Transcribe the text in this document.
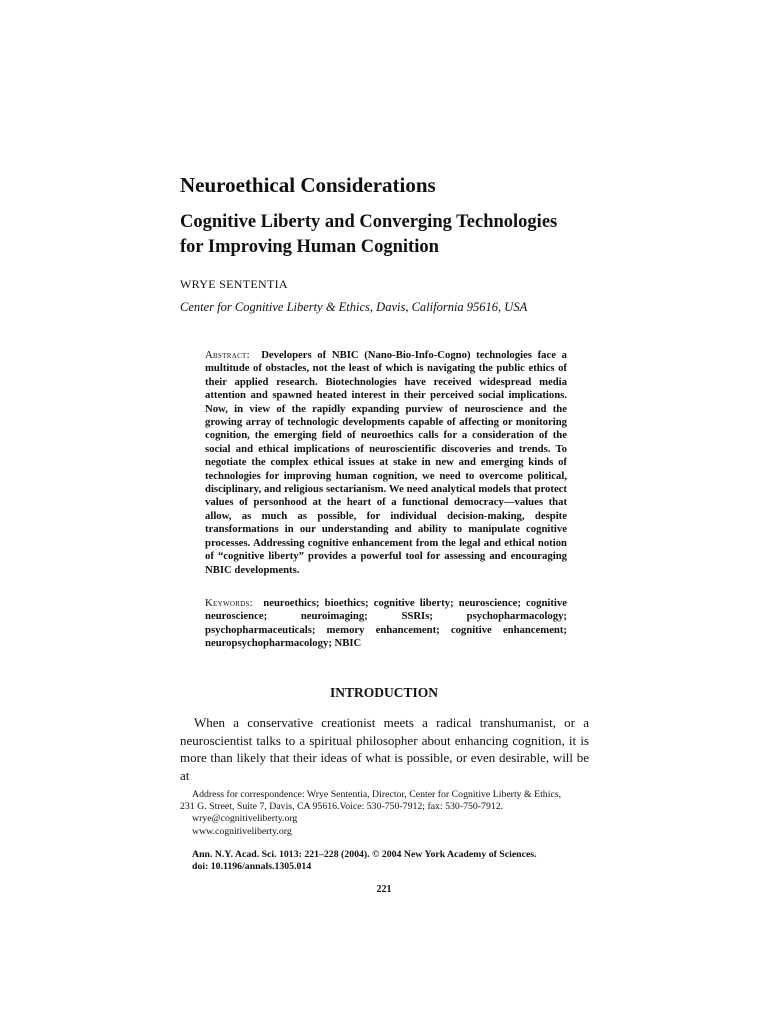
Neuroethical Considerations
Cognitive Liberty and Converging Technologies
for Improving Human Cognition
WRYE SENTENTIA
Center for Cognitive Liberty & Ethics, Davis, California 95616, USA

Abstract: Developers of NBIC (Nano-Bio-Info-Cogno) technologies face a multitude of obstacles, not the least of which is navigating the public ethics of their applied research. Biotechnologies have received widespread media attention and spawned heated interest in their perceived social implications. Now, in view of the rapidly expanding purview of neuroscience and the growing array of technologic developments capable of affecting or monitoring cognition, the emerging field of neuroethics calls for a consideration of the social and ethical implications of neuroscientific discoveries and trends. To negotiate the complex ethical issues at stake in new and emerging kinds of technologies for improving human cognition, we need to overcome political, disciplinary, and religious sectarianism. We need analytical models that protect values of personhood at the heart of a functional democracy—values that allow, as much as possible, for individual decision-making, despite transformations in our understanding and ability to manipulate cognitive processes. Addressing cognitive enhancement from the legal and ethical notion of “cognitive liberty” provides a powerful tool for assessing and encouraging NBIC developments.

Keywords: neuroethics; bioethics; cognitive liberty; neuroscience; cognitive neuroscience; neuroimaging; SSRIs; psychopharmacology; psychopharmaceuticals; memory enhancement; cognitive enhancement; neuropsychopharmacology; NBIC

INTRODUCTION

When a conservative creationist meets a radical transhumanist, or a neuroscientist talks to a spiritual philosopher about enhancing cognition, it is more than likely that their ideas of what is possible, or even desirable, will be at

Address for correspondence: Wrye Sententia, Director, Center for Cognitive Liberty & Ethics,
231 G. Street, Suite 7, Davis, CA 95616.Voice: 530-750-7912; fax: 530-750-7912.
wrye@cognitiveliberty.org
www.cognitiveliberty.org
Ann. N.Y. Acad. Sci. 1013: 221–228 (2004). © 2004 New York Academy of Sciences.
doi: 10.1196/annals.1305.014
221
